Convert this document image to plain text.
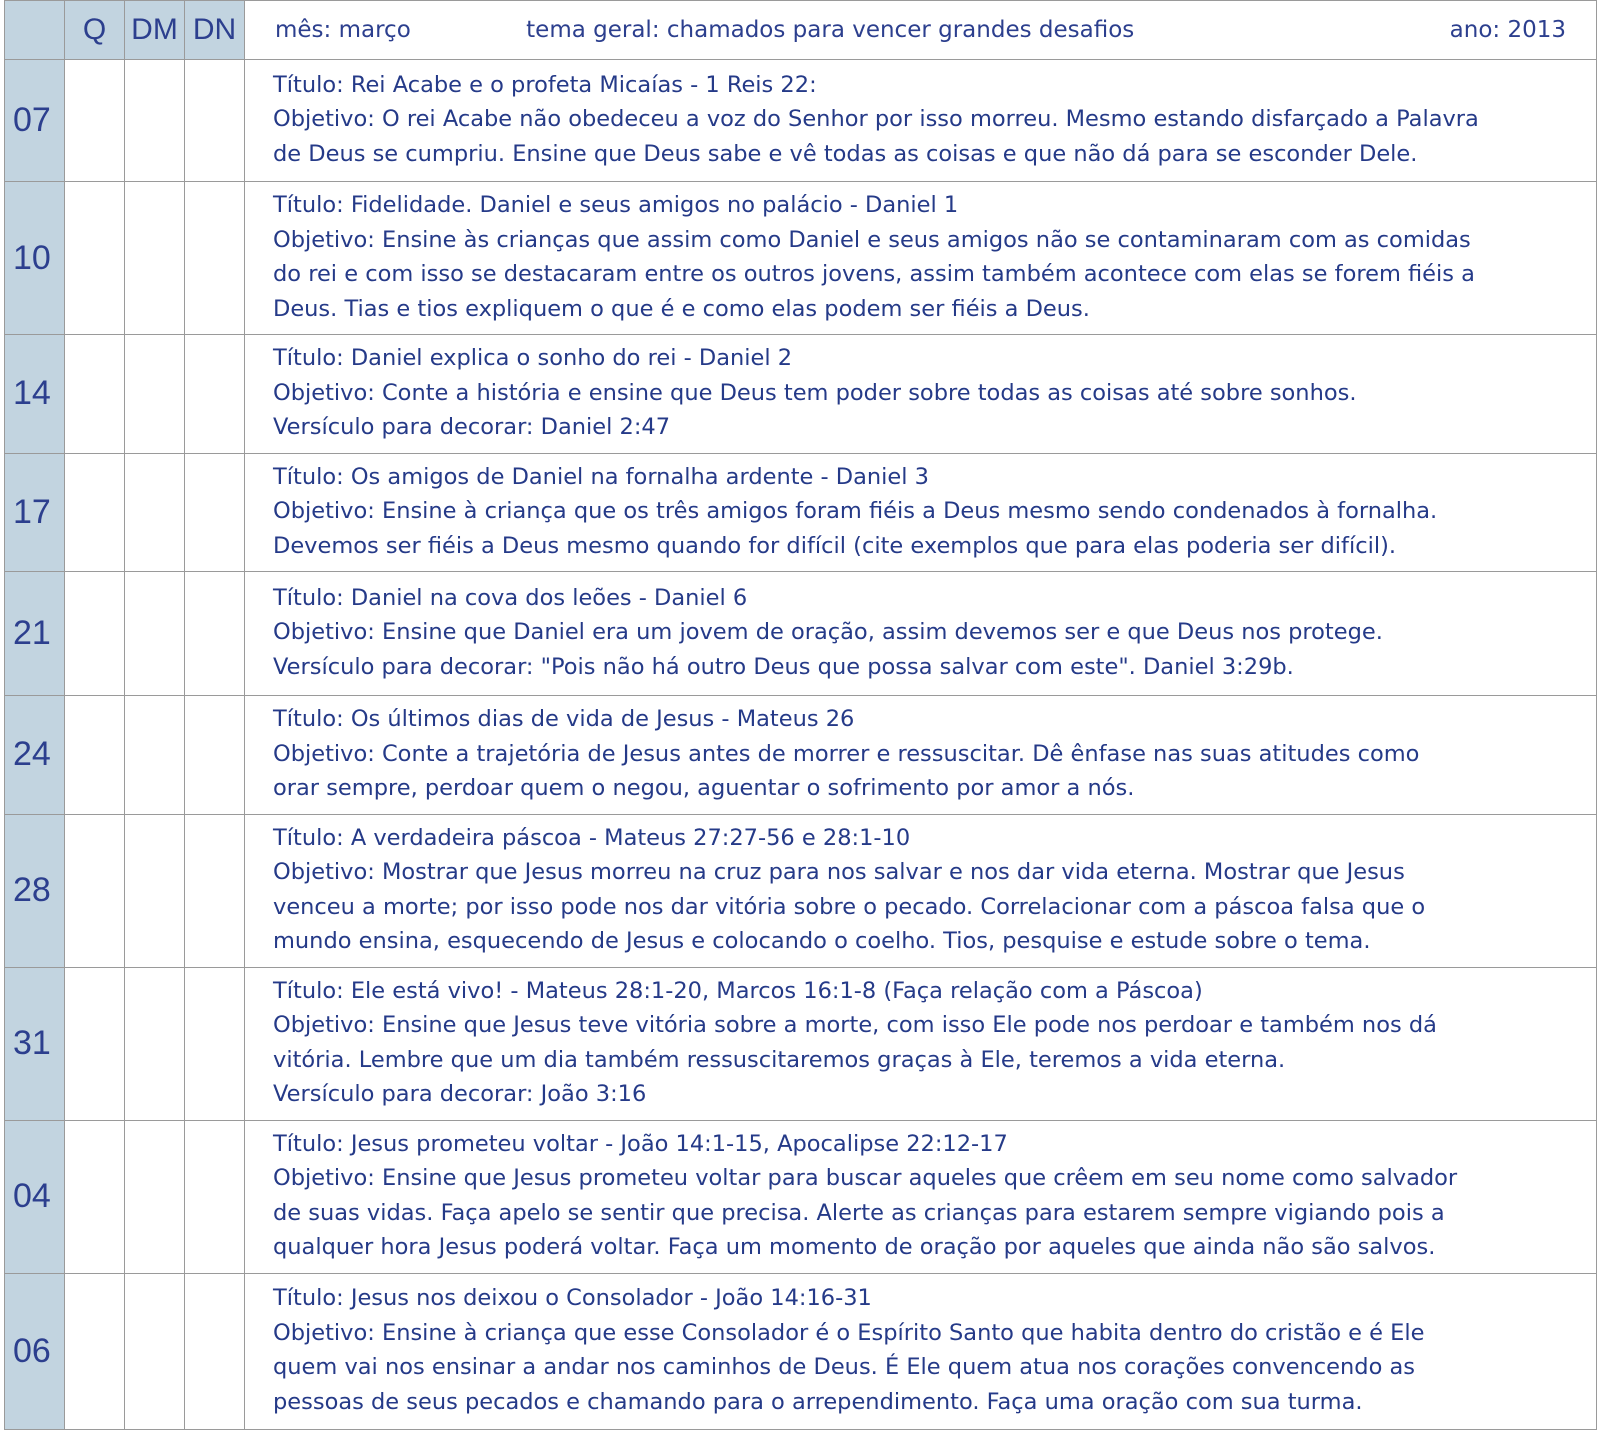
	Q	DM	DN	mês: março tema geral: chamados para vencer grandes desafios ano: 2013

07				Título: Rei Acabe e o profeta Micaías - 1 Reis 22:
Objetivo: O rei Acabe não obedeceu a voz do Senhor por isso morreu. Mesmo estando disfarçado a Palavra
de Deus se cumpriu. Ensine que Deus sabe e vê todas as coisas e que não dá para se esconder Dele.

10				Título: Fidelidade. Daniel e seus amigos no palácio - Daniel 1
Objetivo: Ensine às crianças que assim como Daniel e seus amigos não se contaminaram com as comidas
do rei e com isso se destacaram entre os outros jovens, assim também acontece com elas se forem fiéis a
Deus. Tias e tios expliquem o que é e como elas podem ser fiéis a Deus.

14				Título: Daniel explica o sonho do rei - Daniel 2
Objetivo: Conte a história e ensine que Deus tem poder sobre todas as coisas até sobre sonhos.
Versículo para decorar: Daniel 2:47

17				Título: Os amigos de Daniel na fornalha ardente - Daniel 3
Objetivo: Ensine à criança que os três amigos foram fiéis a Deus mesmo sendo condenados à fornalha.
Devemos ser fiéis a Deus mesmo quando for difícil (cite exemplos que para elas poderia ser difícil).

21				Título: Daniel na cova dos leões - Daniel 6
Objetivo: Ensine que Daniel era um jovem de oração, assim devemos ser e que Deus nos protege.
Versículo para decorar: "Pois não há outro Deus que possa salvar com este". Daniel 3:29b.

24				Título: Os últimos dias de vida de Jesus - Mateus 26
Objetivo: Conte a trajetória de Jesus antes de morrer e ressuscitar. Dê ênfase nas suas atitudes como
orar sempre, perdoar quem o negou, aguentar o sofrimento por amor a nós.

28				Título: A verdadeira páscoa - Mateus 27:27-56 e 28:1-10
Objetivo: Mostrar que Jesus morreu na cruz para nos salvar e nos dar vida eterna. Mostrar que Jesus
venceu a morte; por isso pode nos dar vitória sobre o pecado. Correlacionar com a páscoa falsa que o
mundo ensina, esquecendo de Jesus e colocando o coelho. Tios, pesquise e estude sobre o tema.

31				Título: Ele está vivo! - Mateus 28:1-20, Marcos 16:1-8 (Faça relação com a Páscoa)
Objetivo: Ensine que Jesus teve vitória sobre a morte, com isso Ele pode nos perdoar e também nos dá
vitória. Lembre que um dia também ressuscitaremos graças à Ele, teremos a vida eterna.
Versículo para decorar: João 3:16

04				Título: Jesus prometeu voltar - João 14:1-15, Apocalipse 22:12-17
Objetivo: Ensine que Jesus prometeu voltar para buscar aqueles que crêem em seu nome como salvador
de suas vidas. Faça apelo se sentir que precisa. Alerte as crianças para estarem sempre vigiando pois a
qualquer hora Jesus poderá voltar. Faça um momento de oração por aqueles que ainda não são salvos.

06				Título: Jesus nos deixou o Consolador - João 14:16-31
Objetivo: Ensine à criança que esse Consolador é o Espírito Santo que habita dentro do cristão e é Ele
quem vai nos ensinar a andar nos caminhos de Deus. É Ele quem atua nos corações convencendo as
pessoas de seus pecados e chamando para o arrependimento. Faça uma oração com sua turma.
